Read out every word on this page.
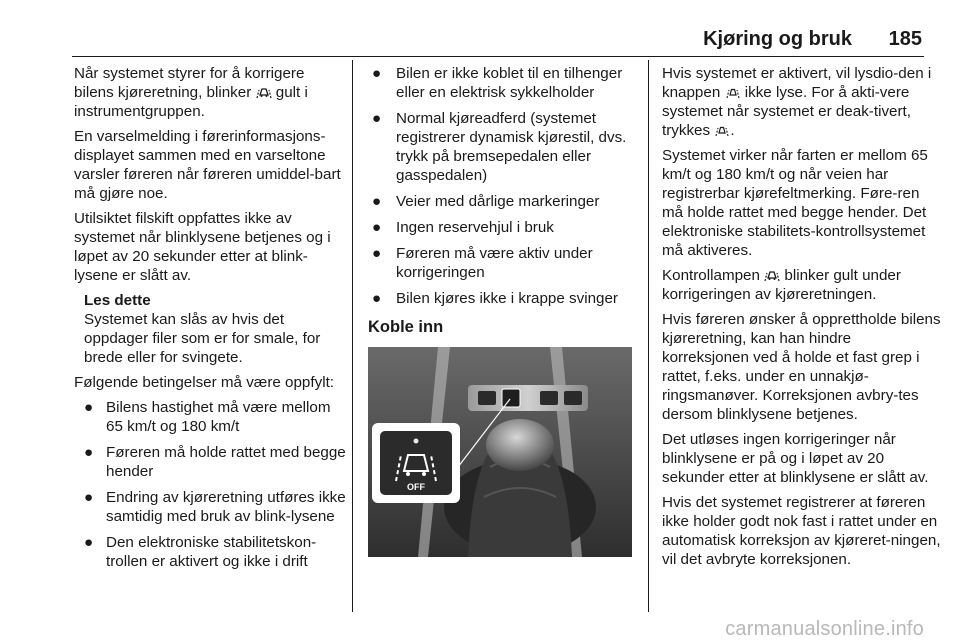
Kjøring og bruk 185

Når systemet styrer for å korrigere bilens kjøreretning, blinker gult i instrumentgruppen.

En varselmelding i førerinformasjons-displayet sammen med en varseltone varsler føreren når føreren umiddel-bart må gjøre noe.

Utilsiktet filskift oppfattes ikke av systemet når blinklysene betjenes og i løpet av 20 sekunder etter at blink-lysene er slått av.

Les dette
Systemet kan slås av hvis det oppdager filer som er for smale, for brede eller for svingete.

Følgende betingelser må være oppfylt:

● Bilens hastighet må være mellom 65 km/t og 180 km/t
● Føreren må holde rattet med begge hender
● Endring av kjøreretning utføres ikke samtidig med bruk av blink-lysene
● Den elektroniske stabilitetskon-trollen er aktivert og ikke i drift
● Bilen er ikke koblet til en tilhenger eller en elektrisk sykkelholder
● Normal kjøreadferd (systemet registrerer dynamisk kjørestil, dvs. trykk på bremsepedalen eller gasspedalen)
● Veier med dårlige markeringer
● Ingen reservehjul i bruk
● Føreren må være aktiv under korrigeringen
● Bilen kjøres ikke i krappe svinger
Koble inn
OFF

Hvis systemet er aktivert, vil lysdio-den i knappen ikke lyse. For å akti-vere systemet når systemet er deak-tivert, trykkes .

Systemet virker når farten er mellom 65 km/t og 180 km/t og når veien har registrerbar kjørefeltmerking. Føre-ren må holde rattet med begge hender. Det elektroniske stabilitets-kontrollsystemet må aktiveres.

Kontrollampen blinker gult under korrigeringen av kjøreretningen.

Hvis føreren ønsker å opprettholde bilens kjøreretning, kan han hindre korreksjonen ved å holde et fast grep i rattet, f.eks. under en unnakjø-ringsmanøver. Korreksjonen avbry-tes dersom blinklysene betjenes.

Det utløses ingen korrigeringer når blinklysene er på og i løpet av 20 sekunder etter at blinklysene er slått av.

Hvis det systemet registrerer at føreren ikke holder godt nok fast i rattet under en automatisk korreksjon av kjøreret-ningen, vil det avbryte korreksjonen.

carmanualsonline.info
